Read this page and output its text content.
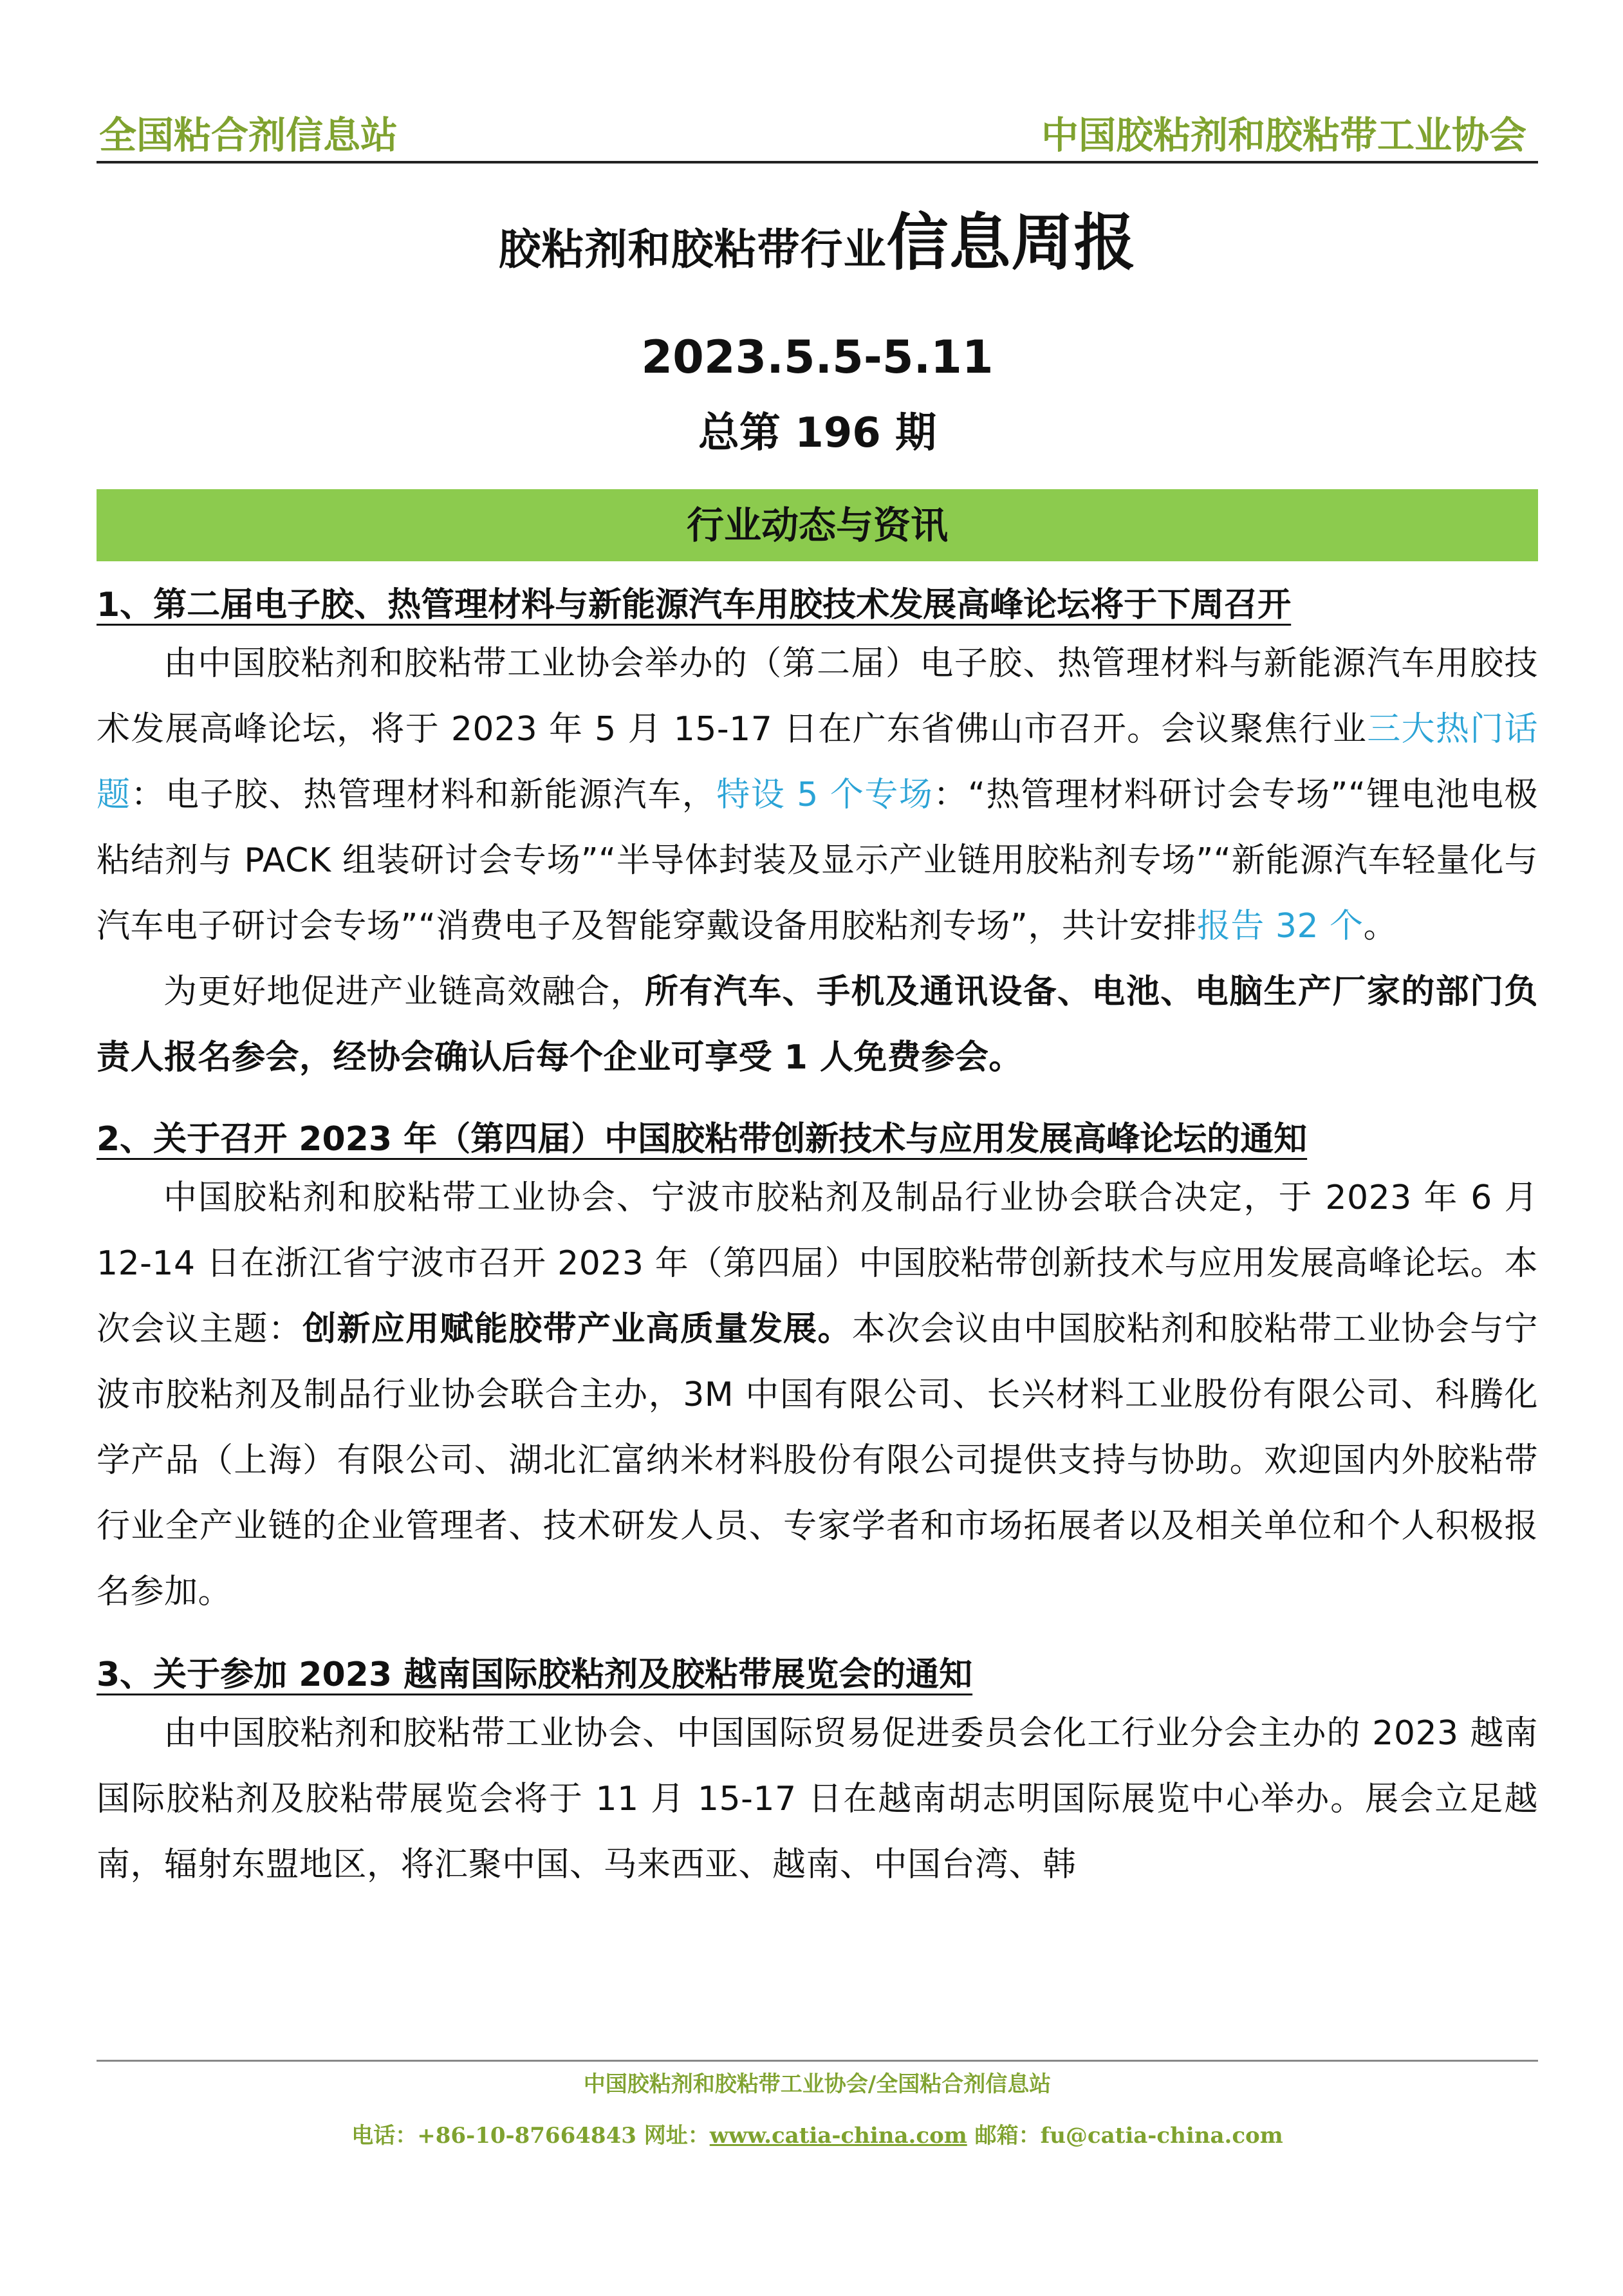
全国粘合剂信息站	中国胶粘剂和胶粘带工业协会
胶粘剂和胶粘带行业信息周报
2023.5.5-5.11
总第 196 期
行业动态与资讯
1、第二届电子胶、热管理材料与新能源汽车用胶技术发展高峰论坛将于下周召开
由中国胶粘剂和胶粘带工业协会举办的（第二届）电子胶、热管理材料与新能源汽车用胶技术发展高峰论坛，将于 2023 年 5 月 15-17 日在广东省佛山市召开。会议聚焦行业三大热门话题：电子胶、热管理材料和新能源汽车，特设 5 个专场：“热管理材料研讨会专场”“锂电池电极粘结剂与 PACK 组装研讨会专场”“半导体封装及显示产业链用胶粘剂专场”“新能源汽车轻量化与汽车电子研讨会专场”“消费电子及智能穿戴设备用胶粘剂专场”，共计安排报告 32 个。
为更好地促进产业链高效融合，所有汽车、手机及通讯设备、电池、电脑生产厂家的部门负责人报名参会，经协会确认后每个企业可享受 1 人免费参会。
2、关于召开 2023 年（第四届）中国胶粘带创新技术与应用发展高峰论坛的通知
中国胶粘剂和胶粘带工业协会、宁波市胶粘剂及制品行业协会联合决定，于 2023 年 6 月 12-14 日在浙江省宁波市召开 2023 年（第四届）中国胶粘带创新技术与应用发展高峰论坛。本次会议主题：创新应用赋能胶带产业高质量发展。本次会议由中国胶粘剂和胶粘带工业协会与宁波市胶粘剂及制品行业协会联合主办，3M 中国有限公司、长兴材料工业股份有限公司、科腾化学产品（上海）有限公司、湖北汇富纳米材料股份有限公司提供支持与协助。欢迎国内外胶粘带行业全产业链的企业管理者、技术研发人员、专家学者和市场拓展者以及相关单位和个人积极报名参加。
3、关于参加 2023 越南国际胶粘剂及胶粘带展览会的通知
由中国胶粘剂和胶粘带工业协会、中国国际贸易促进委员会化工行业分会主办的 2023 越南国际胶粘剂及胶粘带展览会将于 11 月 15-17 日在越南胡志明国际展览中心举办。展会立足越南，辐射东盟地区，将汇聚中国、马来西亚、越南、中国台湾、韩
中国胶粘剂和胶粘带工业协会/全国粘合剂信息站
电话：+86-10-87664843 网址：www.catia-china.com 邮箱：fu@catia-china.com
